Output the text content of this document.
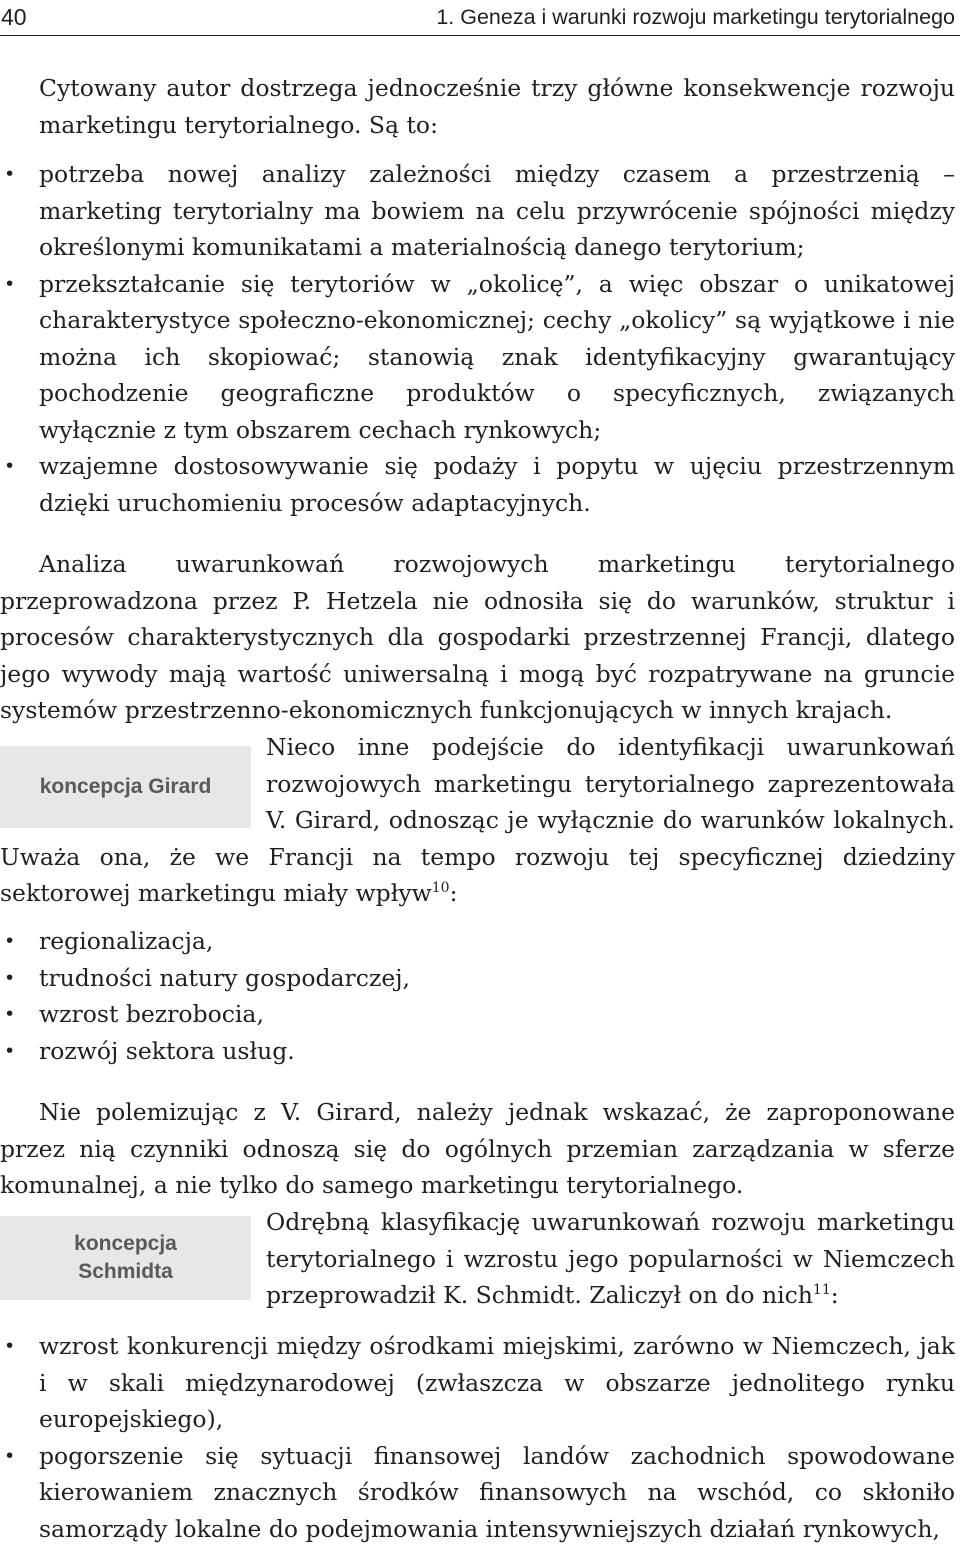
40	1. Geneza i warunki rozwoju marketingu terytorialnego

Cytowany autor dostrzega jednocześnie trzy główne konsekwencje rozwoju marketingu terytorialnego. Są to:

• potrzeba nowej analizy zależności między czasem a przestrzenią – marketing terytorialny ma bowiem na celu przywrócenie spójności między określonymi komunikatami a materialnością danego terytorium;
• przekształcanie się terytoriów w „okolicę”, a więc obszar o unikatowej charakterystyce społeczno-ekonomicznej; cechy „okolicy” są wyjątkowe i nie można ich skopiować; stanowią znak identyfikacyjny gwarantujący pochodzenie geograficzne produktów o specyficznych, związanych wyłącznie z tym obszarem cechach rynkowych;
• wzajemne dostosowywanie się podaży i popytu w ujęciu przestrzennym dzięki uruchomieniu procesów adaptacyjnych.

Analiza uwarunkowań rozwojowych marketingu terytorialnego przeprowadzona przez P. Hetzela nie odnosiła się do warunków, struktur i procesów charakterystycznych dla gospodarki przestrzennej Francji, dlatego jego wywody mają wartość uniwersalną i mogą być rozpatrywane na gruncie systemów przestrzenno-ekonomicznych funkcjonujących w innych krajach.

koncepcja Girard

Nieco inne podejście do identyfikacji uwarunkowań rozwojowych marketingu terytorialnego zaprezentowała V. Girard, odnosząc je wyłącznie do warunków lokalnych. Uważa ona, że we Francji na tempo rozwoju tej specyficznej dziedziny sektorowej marketingu miały wpływ$^{10}$:

• regionalizacja,
• trudności natury gospodarczej,
• wzrost bezrobocia,
• rozwój sektora usług.

Nie polemizując z V. Girard, należy jednak wskazać, że zaproponowane przez nią czynniki odnoszą się do ogólnych przemian zarządzania w sferze komunalnej, a nie tylko do samego marketingu terytorialnego.

koncepcja
Schmidta

Odrębną klasyfikację uwarunkowań rozwoju marketingu terytorialnego i wzrostu jego popularności w Niemczech przeprowadził K. Schmidt. Zaliczył on do nich$^{11}$:

• wzrost konkurencji między ośrodkami miejskimi, zarówno w Niemczech, jak i w skali międzynarodowej (zwłaszcza w obszarze jednolitego rynku europejskiego),
• pogorszenie się sytuacji finansowej landów zachodnich spowodowane kierowaniem znacznych środków finansowych na wschód, co skłoniło samorządy lokalne do podejmowania intensywniejszych działań rynkowych,
